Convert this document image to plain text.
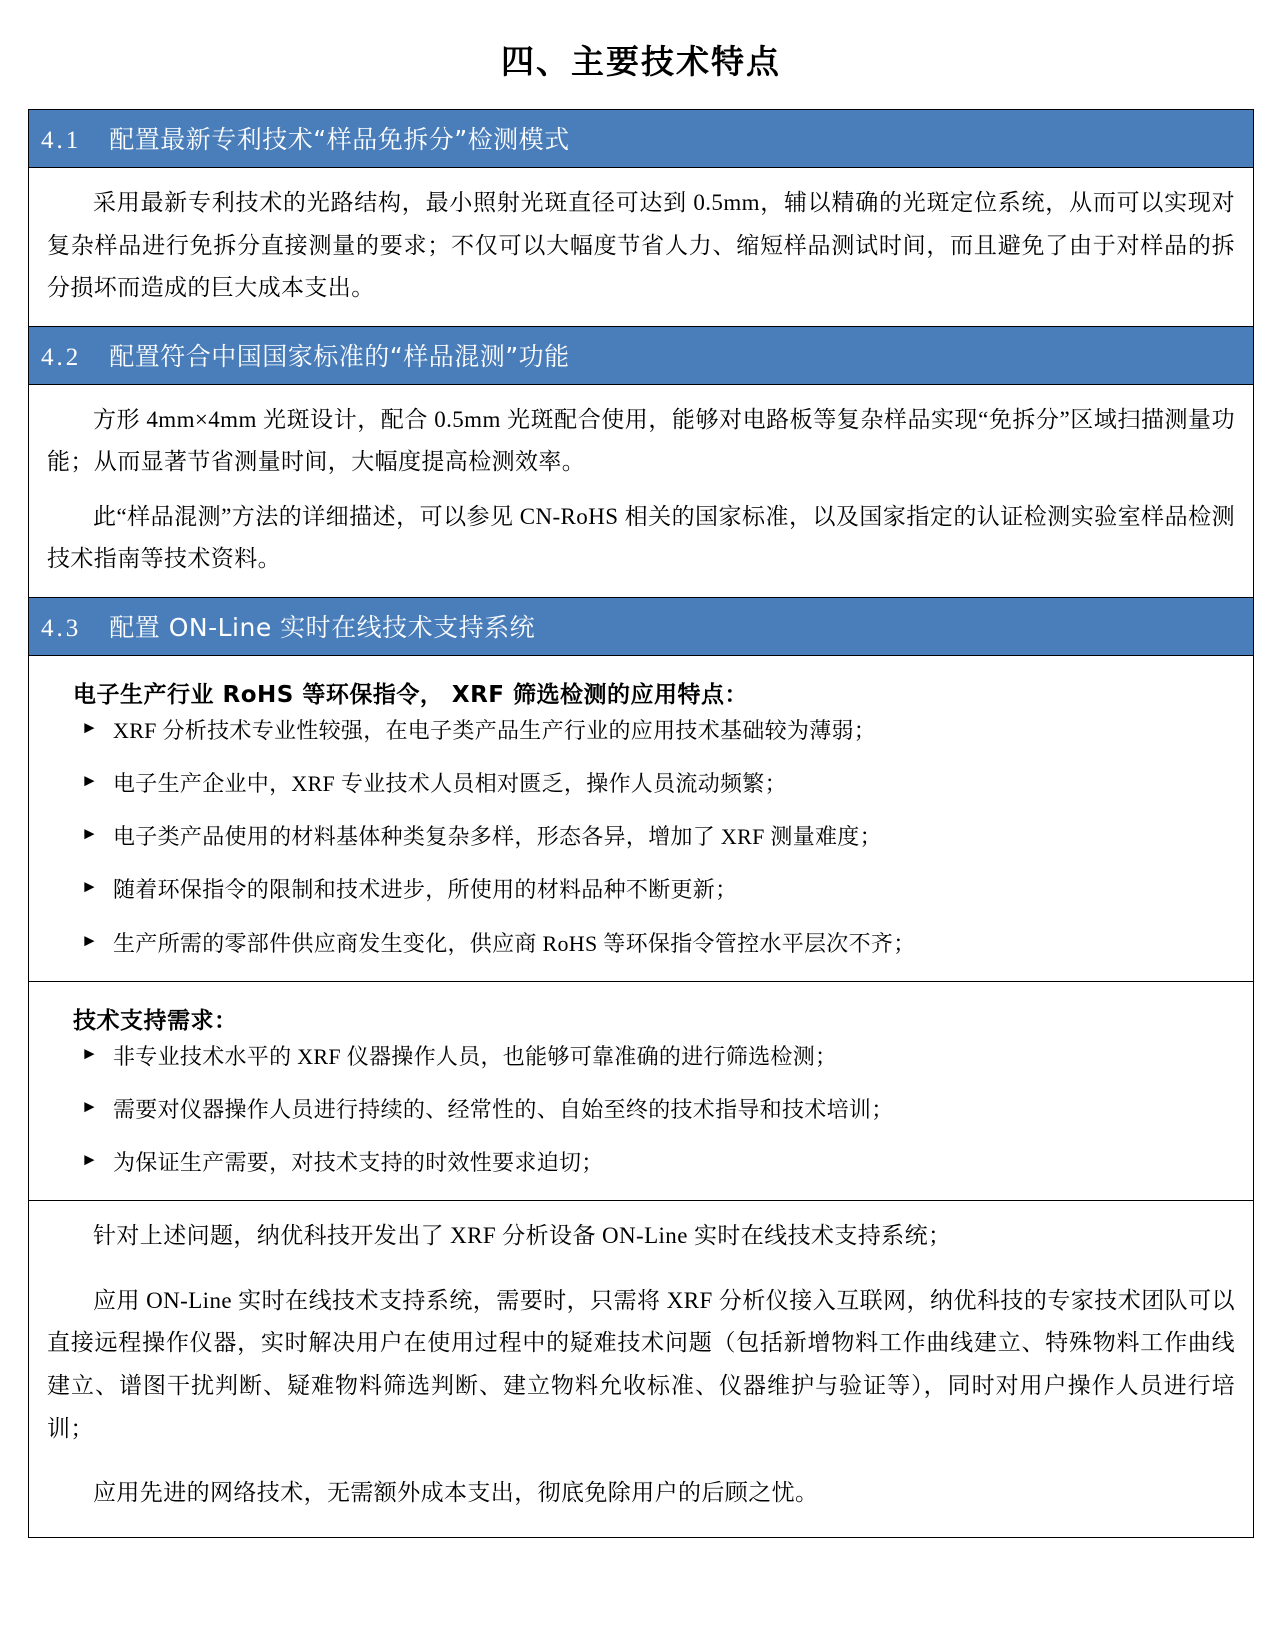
四、主要技术特点
4.1 配置最新专利技术“样品免拆分”检测模式

采用最新专利技术的光路结构，最小照射光斑直径可达到 0.5mm，辅以精确的光斑定位系统，从而可以实现对复杂样品进行免拆分直接测量的要求；不仅可以大幅度节省人力、缩短样品测试时间，而且避免了由于对样品的拆分损坏而造成的巨大成本支出。

4.2 配置符合中国国家标准的“样品混测”功能

方形 4mm×4mm 光斑设计，配合 0.5mm 光斑配合使用，能够对电路板等复杂样品实现“免拆分”区域扫描测量功能；从而显著节省测量时间，大幅度提高检测效率。

此“样品混测”方法的详细描述，可以参见 CN-RoHS 相关的国家标准，以及国家指定的认证检测实验室样品检测技术指南等技术资料。

4.3 配置 ON-Line 实时在线技术支持系统
电子生产行业 RoHS 等环保指令， XRF 筛选检测的应用特点：
► XRF 分析技术专业性较强，在电子类产品生产行业的应用技术基础较为薄弱；
► 电子生产企业中，XRF 专业技术人员相对匮乏，操作人员流动频繁；
► 电子类产品使用的材料基体种类复杂多样，形态各异，增加了 XRF 测量难度；
► 随着环保指令的限制和技术进步，所使用的材料品种不断更新；
► 生产所需的零部件供应商发生变化，供应商 RoHS 等环保指令管控水平层次不齐；
技术支持需求：
► 非专业技术水平的 XRF 仪器操作人员，也能够可靠准确的进行筛选检测；
► 需要对仪器操作人员进行持续的、经常性的、自始至终的技术指导和技术培训；
► 为保证生产需要，对技术支持的时效性要求迫切；

针对上述问题，纳优科技开发出了 XRF 分析设备 ON-Line 实时在线技术支持系统；

应用 ON-Line 实时在线技术支持系统，需要时，只需将 XRF 分析仪接入互联网，纳优科技的专家技术团队可以直接远程操作仪器，实时解决用户在使用过程中的疑难技术问题（包括新增物料工作曲线建立、特殊物料工作曲线建立、谱图干扰判断、疑难物料筛选判断、建立物料允收标准、仪器维护与验证等），同时对用户操作人员进行培训；

应用先进的网络技术，无需额外成本支出，彻底免除用户的后顾之忧。
